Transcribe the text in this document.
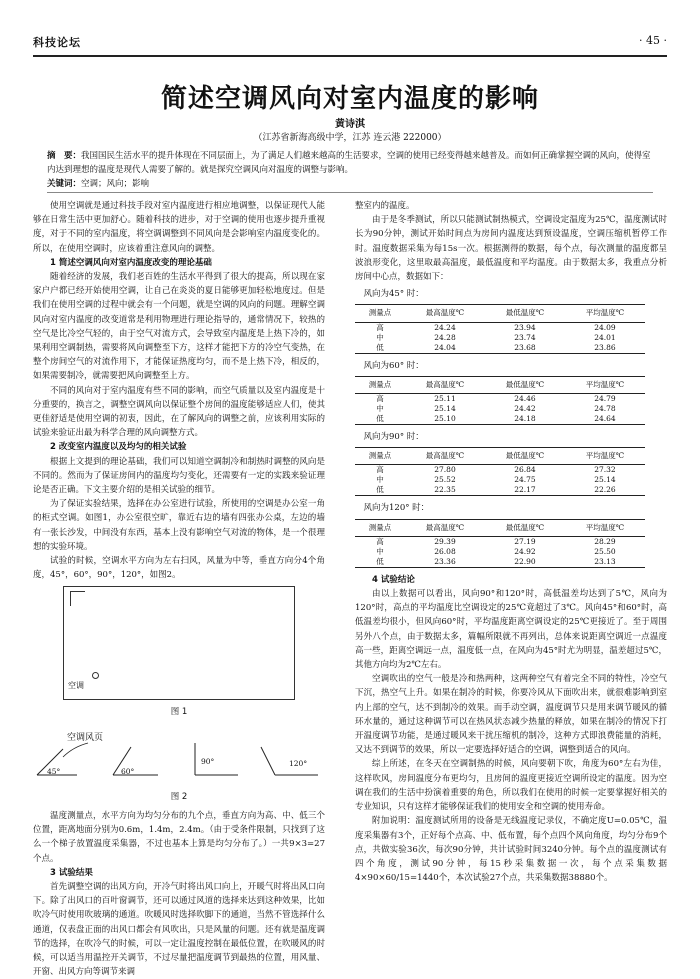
科技论坛	· 45 ·
简述空调风向对室内温度的影响
黄诗淇
（江苏省新海高级中学，江苏 连云港 222000）
摘　要：我国国民生活水平的提升体现在不同层面上，为了满足人们越来越高的生活要求，空调的使用已经变得越来越普及。而如何正确掌握空调的风向，使得室内达到理想的温度是现代人需要了解的。就是探究空调风向对温度的调整与影响。
关键词：空调；风向；影响

使用空调就是通过科技手段对室内温度进行相应地调整，以保证现代人能够在日常生活中更加舒心。随着科技的进步，对于空调的使用也逐步提升重视度，对于不同的室内温度，将空调调整到不同风向是会影响室内温度变化的。所以，在使用空调时，应该着重注意风向的调整。

1 简述空调风向对室内温度改变的理论基础

随着经济的发展，我们老百姓的生活水平得到了很大的提高，所以现在家家户户都已经开始使用空调，让自己在炎炎的夏日能够更加轻松地度过。但是我们在使用空调的过程中就会有一个问题，就是空调的风向的问题。理解空调风向对室内温度的改变道常是利用物理进行理论指导的，通常情况下，较热的空气是比冷空气轻的，由于空气对流方式，会导致室内温度是上热下冷的，如果利用空调制热，需要将风向调整至下方，这样才能把下方的冷空气变热，在整个房间空气的对流作用下，才能保证热度均匀，而不是上热下冷，相反的，如果需要制冷，就需要把风向调整至上方。

不同的风向对于室内温度有些不同的影响，而空气质量以及室内温度是十分重要的，换言之，调整空调风向以保证整个房间的温度能够适应人们，使其更佳舒适是使用空调的初衷，因此，在了解风向的调整之前，应该利用实际的试验来验证出最为科学合理的风向调整方式。

2 改变室内温度以及均匀的相关试验

根据上文提到的理论基础，我们可以知道空调制冷和制热时调整的风向是不同的。然而为了保证房间内的温度均匀变化，还需要有一定的实践来验证理论是否正确。下文主要介绍的是相关试验的细节。

为了保证实验结果，选择在办公室进行试验，所使用的空调是办公室一角的柜式空调。如图1，办公室很空旷，靠近右边的墙有四张办公桌，左边的墙有一张长沙发，中间没有东西，基本上没有影响空气对流的物体，是一个很理想的实验环境。

试验的时候，空调水平方向为左右扫风，风量为中等，垂直方向分4个角度，45°，60°，90°，120°，如图2。

空调
图 1
空调风页
45°	60°
90°	120°
图 2

温度测量点，水平方向为均匀分布的九个点，垂直方向为高、中、低三个位置，距离地面分别为0.6m，1.4m，2.4m。（由于受条件限制，只找到了这么一个梯子放置温度采集器，不过也基本上算是均匀分布了。）一共9×3=27个点。

3 试验结果

首先调整空调的出风方向，开冷气时将出风口向上，开暖气时将出风口向下。除了出风口的百叶窗调节，还可以通过风道的选择来达到这种效果，比如吹冷气时使用吹玻璃的通道。吹暖风时选择吹脚下的通道，当然不管选择什么通道，仅表盘正面的出风口都会有风吹出，只是风量的问题。还有就是温度调节的选择，在吹冷气的时候，可以一定让温度控制在最低位置，在吹暖风的时候，可以适当用温控开关调节，不过尽量把温度调节到最热的位置，用风量、开窗、出风方向等调节来调

整室内的温度。

由于是冬季测试，所以只能测试制热模式，空调设定温度为25℃，温度测试时长为90分钟，测试开始时间点为房间内温度达到预设温度，空调压缩机暂停工作时。温度数据采集为每15s一次。根据测得的数据，每个点，每次测量的温度都呈波浪形变化，这里取最高温度，最低温度和平均温度。由于数据太多，我重点分析房间中心点，数据如下：

风向为45° 时：
测量点	最高温度℃	最低温度℃	平均温度℃
高	24.24	23.94	24.09
中	24.28	23.74	24.01
低	24.04	23.68	23.86
风向为60° 时：
测量点	最高温度℃	最低温度℃	平均温度℃
高	25.11	24.46	24.79
中	25.14	24.42	24.78
低	25.10	24.18	24.64
风向为90° 时：
测量点	最高温度℃	最低温度℃	平均温度℃
高	27.80	26.84	27.32
中	25.52	24.75	25.14
低	22.35	22.17	22.26
风向为120° 时：
测量点	最高温度℃	最低温度℃	平均温度℃
高	29.39	27.19	28.29
中	26.08	24.92	25.50
低	23.36	22.90	23.13
4 试验结论

由以上数据可以看出，风向90°和120°时，高低温差均达到了5℃，风向为120°时，高点的平均温度比空调设定的25℃竟超过了3℃。风向45°和60°时，高低温差均很小，但风向60°时，平均温度距离空调设定的25℃更接近了。至于周围另外八个点，由于数据太多，篇幅所限就不再列出，总体来说距离空调近一点温度高一些，距离空调远一点，温度低一点，在风向为45°时尤为明显，温差超过5℃，其他方向均为2℃左右。

空调吹出的空气一般是冷和热两种，这两种空气有着完全不同的特性，冷空气下沉，热空气上升。如果在制冷的时候，你要冷风从下面吹出来，就很难影响到室内上部的空气，达不到制冷的效果。而手动空调，温度调节只是用来调节暖风的循环水量的，通过这种调节可以在热风状态减少热量的释放，如果在制冷的情况下打开温度调节功能，是通过暖风来干扰压缩机的制冷，这种方式即浪费能量的消耗，又达不到调节的效果，所以一定要选择好适合的空调，调整到适合的风向。

综上所述，在冬天在空调制热的时候，风向要朝下吹，角度为60°左右为佳，这样吹风，房间温度分布更均匀，且房间的温度更接近空调所设定的温度。因为空调在我们的生活中扮演着重要的角色，所以我们在使用的时候一定要掌握好相关的专业知识，只有这样才能够保证我们的使用安全和空调的使用寿命。

附加说明：温度测试所用的设备是无线温度记录仪，不确定度U=0.05℃，温度采集器有3个，正好每个点高、中、低布置，每个点四个风向角度，均匀分布9个点，共做实验36次，每次90分钟，共计试验时间3240分钟。每个点的温度测试有四个角度，测试90分钟，每15秒采集数据一次，每个点采集数据4×90×60/15=1440个，本次试验27个点，共采集数据38880个。
